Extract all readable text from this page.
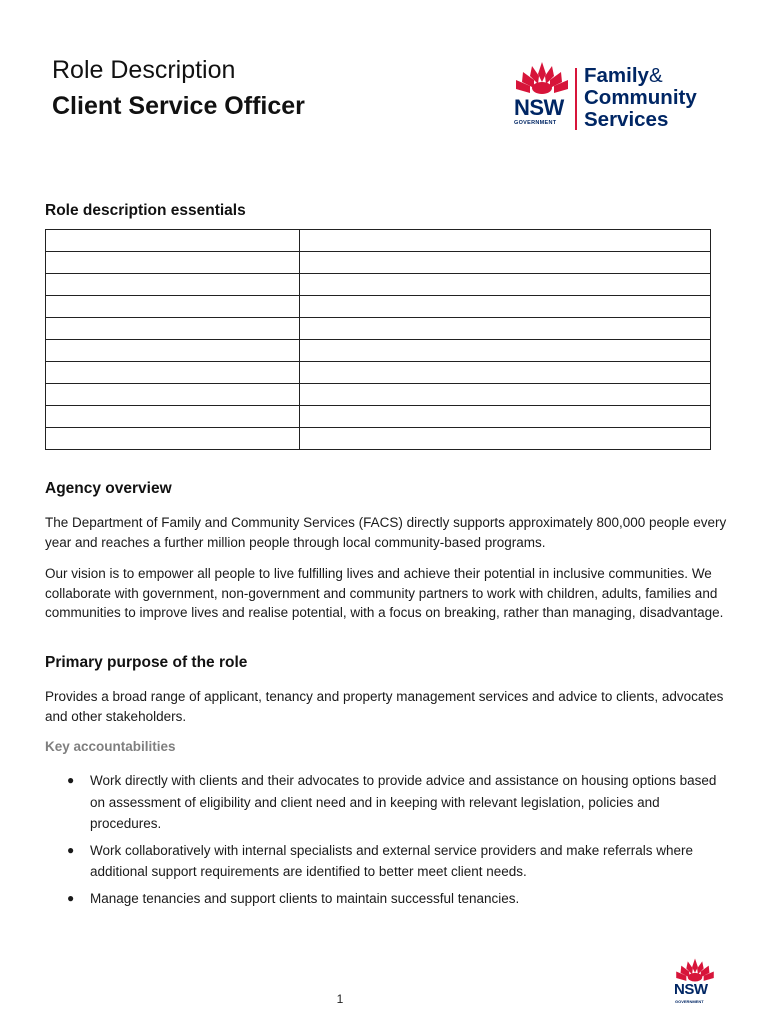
Role Description
Client Service Officer	NSW
GOVERNMENT
Family&
Community
Services
Role description essentials

Agency overview
The Department of Family and Community Services (FACS) directly supports approximately 800,000 people every year and reaches a further million people through local community-based programs.
Our vision is to empower all people to live fulfilling lives and achieve their potential in inclusive communities. We collaborate with government, non-government and community partners to work with children, adults, families and communities to improve lives and realise potential, with a focus on breaking, rather than managing, disadvantage.
Primary purpose of the role
Provides a broad range of applicant, tenancy and property management services and advice to clients, advocates and other stakeholders.
Key accountabilities
● Work directly with clients and their advocates to provide advice and assistance on housing options based on assessment of eligibility and client need and in keeping with relevant legislation, policies and procedures.
● Work collaboratively with internal specialists and external service providers and make referrals where additional support requirements are identified to better meet client needs.
● Manage tenancies and support clients to maintain successful tenancies.
1
NSW
GOVERNMENT
